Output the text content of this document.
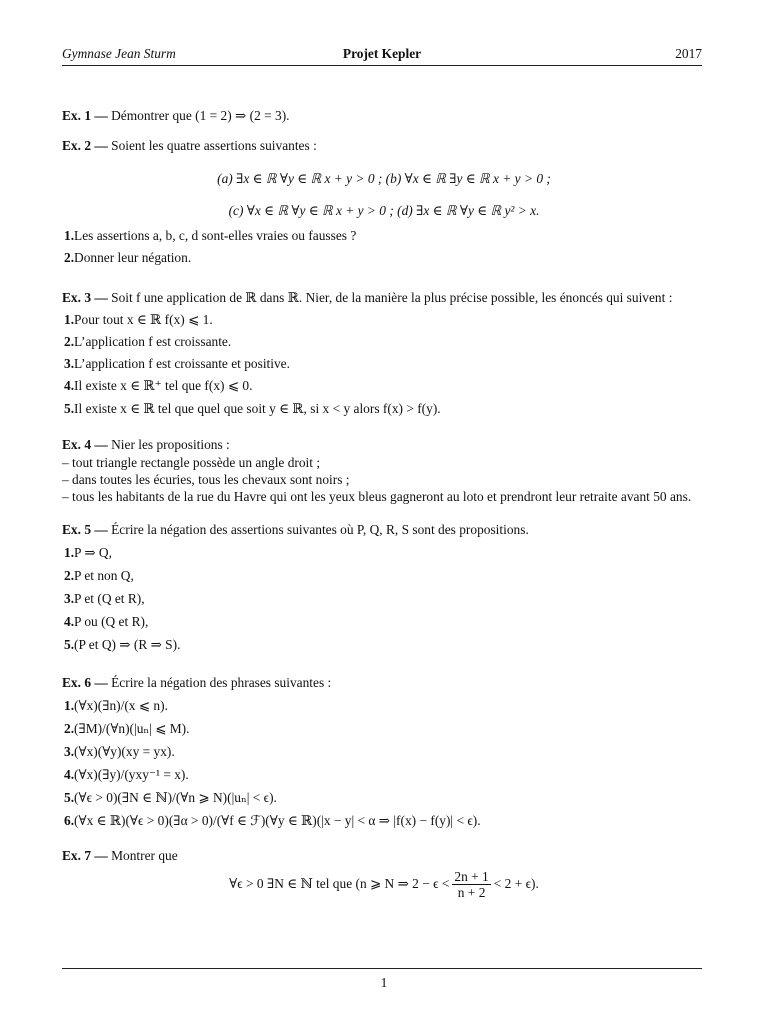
Gymnase Jean Sturm	Projet Kepler	2017
Ex. 1 — Démontrer que (1 = 2) ⇒ (2 = 3).
Ex. 2 — Soient les quatre assertions suivantes :
(a) ∃x ∈ ℝ ∀y ∈ ℝ x + y > 0 ; (b) ∀x ∈ ℝ ∃y ∈ ℝ x + y > 0 ;
(c) ∀x ∈ ℝ ∀y ∈ ℝ x + y > 0 ; (d) ∃x ∈ ℝ ∀y ∈ ℝ y² > x.
1.Les assertions a, b, c, d sont-elles vraies ou fausses ?
2.Donner leur négation.
Ex. 3 — Soit f une application de ℝ dans ℝ. Nier, de la manière la plus précise possible, les énoncés qui suivent :
1.Pour tout x ∈ ℝ f(x) ⩽ 1.
2.L’application f est croissante.
3.L’application f est croissante et positive.
4.Il existe x ∈ ℝ⁺ tel que f(x) ⩽ 0.
5.Il existe x ∈ ℝ tel que quel que soit y ∈ ℝ, si x < y alors f(x) > f(y).
Ex. 4 — Nier les propositions :
– tout triangle rectangle possède un angle droit ;
– dans toutes les écuries, tous les chevaux sont noirs ;
– tous les habitants de la rue du Havre qui ont les yeux bleus gagneront au loto et prendront leur retraite avant 50 ans.
Ex. 5 — Écrire la négation des assertions suivantes où P, Q, R, S sont des propositions.
1.P ⇒ Q,
2.P et non Q,
3.P et (Q et R),
4.P ou (Q et R),
5.(P et Q) ⇒ (R ⇒ S).
Ex. 6 — Écrire la négation des phrases suivantes :
1.(∀x)(∃n)/(x ⩽ n).
2.(∃M)/(∀n)(|uₙ| ⩽ M).
3.(∀x)(∀y)(xy = yx).
4.(∀x)(∃y)/(yxy⁻¹ = x).
5.(∀ϵ > 0)(∃N ∈ ℕ)/(∀n ⩾ N)(|uₙ| < ϵ).
6.(∀x ∈ ℝ)(∀ϵ > 0)(∃α > 0)/(∀f ∈ ℱ)(∀y ∈ ℝ)(|x − y| < α ⇒ |f(x) − f(y)| < ϵ).
Ex. 7 — Montrer que
∀ϵ > 0 ∃N ∈ ℕ tel que (n ⩾ N ⇒ $2 - \epsilon < \frac{2n + 1}{n + 2} < 2 + \epsilon$).
1
